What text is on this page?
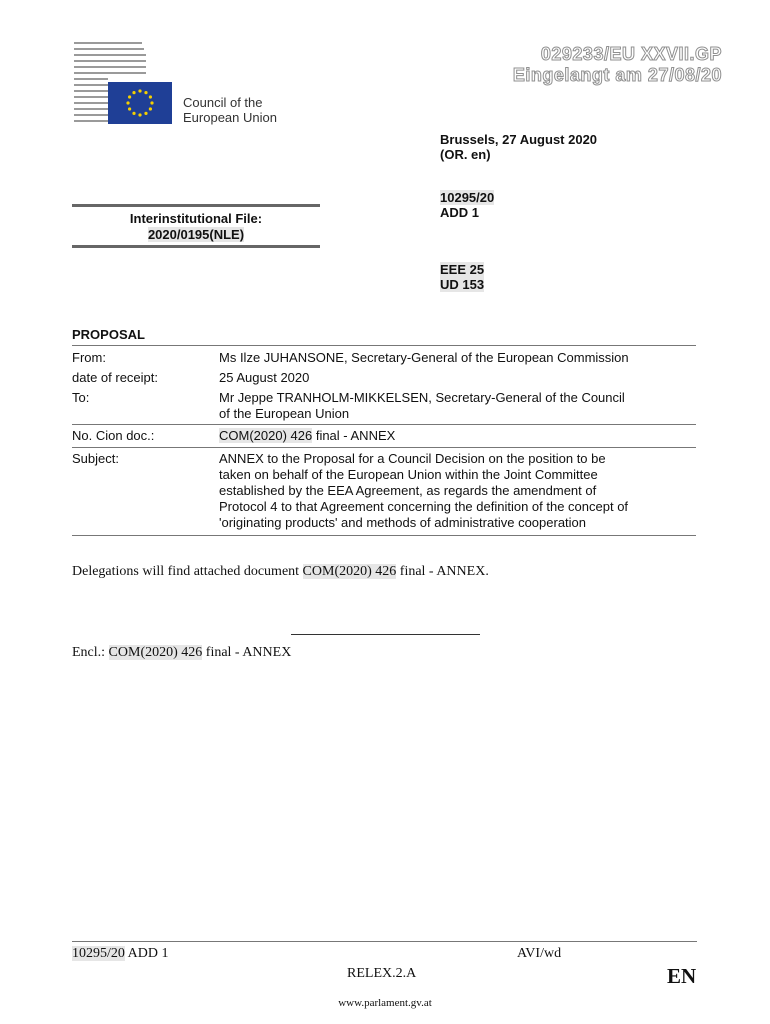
Council of the
European Union
029233/EU XXVII.GP
Eingelangt am 27/08/20
Brussels, 27 August 2020
(OR. en)
10295/20
ADD 1
EEE 25
UD 153
Interinstitutional File:
2020/0195(NLE)
PROPOSAL
From:	Ms Ilze JUHANSONE, Secretary-General of the European Commission
date of receipt:	25 August 2020
To:	Mr Jeppe TRANHOLM-MIKKELSEN, Secretary-General of the Council
of the European Union
No. Cion doc.:	COM(2020) 426 final - ANNEX
Subject:	ANNEX to the Proposal for a Council Decision on the position to be
taken on behalf of the European Union within the Joint Committee
established by the EEA Agreement, as regards the amendment of
Protocol 4 to that Agreement concerning the definition of the concept of
'originating products' and methods of administrative cooperation
Delegations will find attached document COM(2020) 426 final - ANNEX.
Encl.: COM(2020) 426 final - ANNEX
10295/20 ADD 1	AVI/wd
RELEX.2.A	EN
www.parlament.gv.at
